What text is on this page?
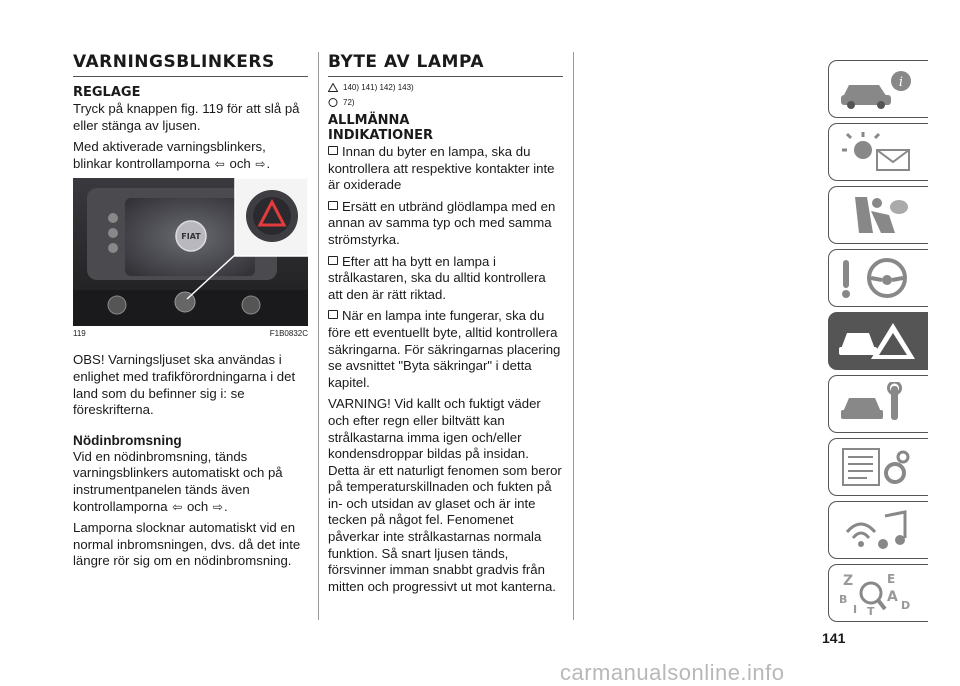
VARNINGSBLINKERS
REGLAGE

Tryck på knappen fig. 119 för att slå på eller stänga av ljusen.

Med aktiverade varningsblinkers, blinkar kontrollamporna ⇦ och ⇨.

FIAT
119	F1B0832C

OBS! Varningsljuset ska användas i enlighet med trafikförordningarna i det land som du befinner sig i: se föreskrifterna.

Nödinbromsning

Vid en nödinbromsning, tänds varningsblinkers automatiskt och på instrumentpanelen tänds även kontrollamporna ⇦ och ⇨.

Lamporna slocknar automatiskt vid en normal inbromsningen, dvs. då det inte längre rör sig om en nödinbromsning.

BYTE AV LAMPA
140) 141) 142) 143)
72)
ALLMÄNNA
INDIKATIONER

Innan du byter en lampa, ska du kontrollera att respektive kontakter inte är oxiderade

Ersätt en utbränd glödlampa med en annan av samma typ och med samma strömstyrka.

Efter att ha bytt en lampa i strålkastaren, ska du alltid kontrollera att den är rätt riktad.

När en lampa inte fungerar, ska du före ett eventuellt byte, alltid kontrollera säkringarna. För säkringarnas placering se avsnittet "Byta säkringar" i detta kapitel.

VARNING! Vid kallt och fuktigt väder och efter regn eller biltvätt kan strålkastarna imma igen och/eller kondensdroppar bildas på insidan. Detta är ett naturligt fenomen som beror på temperaturskillnaden och fukten på in- och utsidan av glaset och är inte tecken på något fel. Fenomenet påverkar inte strålkastarnas normala funktion. Så snart ljusen tänds, försvinner imman snabbt gradvis från mitten och progressivt ut mot kanterna.

i
Z	E
B	A
I T D
141
carmanualsonline.info
